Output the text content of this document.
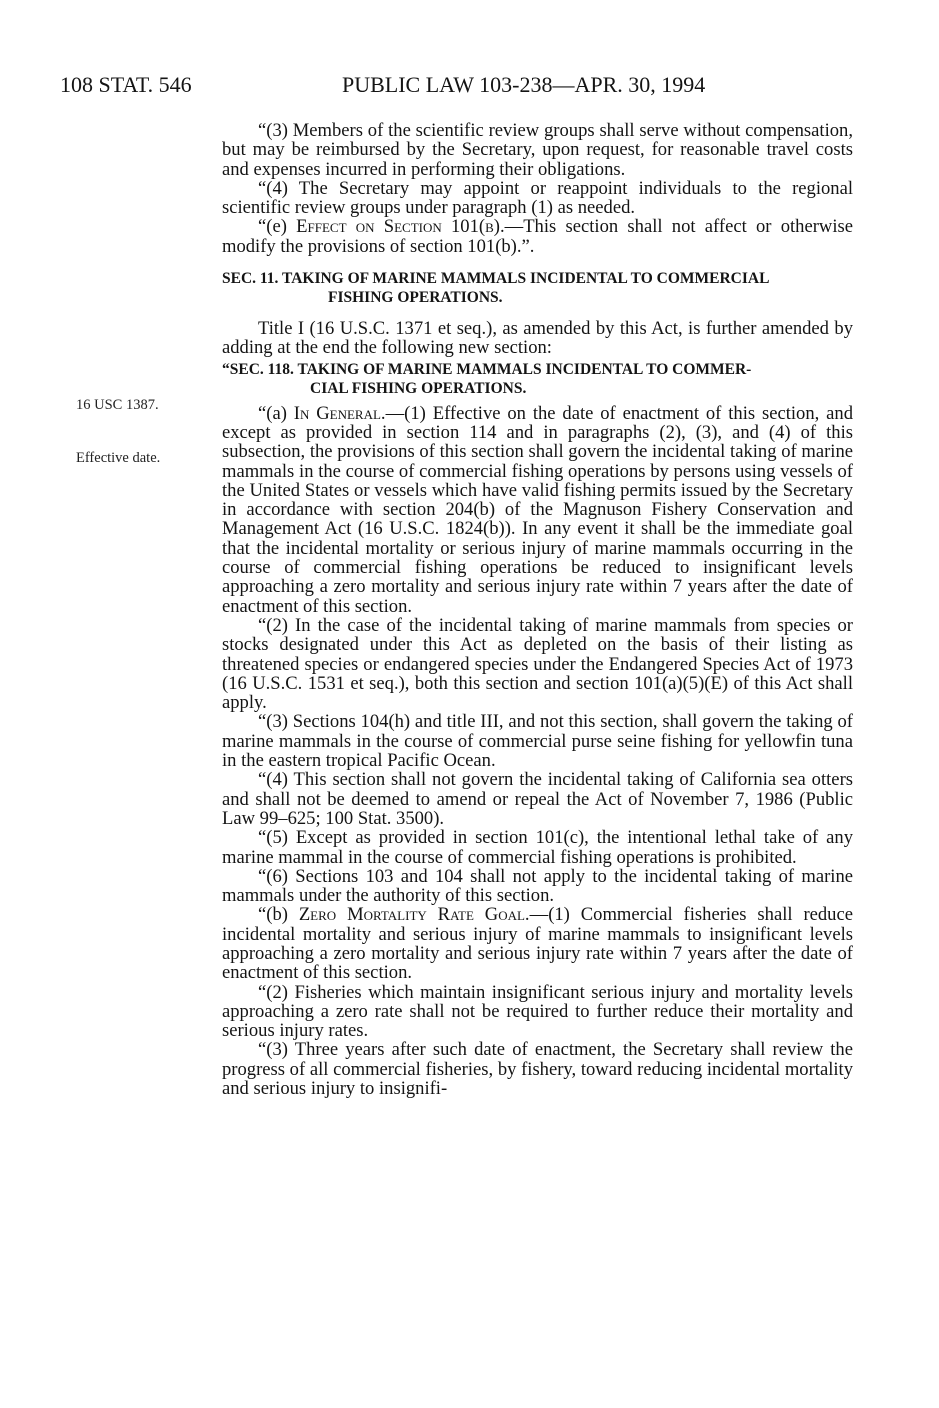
108 STAT. 546	PUBLIC LAW 103-238—APR. 30, 1994
16 USC 1387.
Effective date.

“(3) Members of the scientific review groups shall serve without compensation, but may be reimbursed by the Secretary, upon request, for reasonable travel costs and expenses incurred in performing their obligations.

“(4) The Secretary may appoint or reappoint individuals to the regional scientific review groups under paragraph (1) as needed.

“(e) Effect on Section 101(b).—This section shall not affect or otherwise modify the provisions of section 101(b).”.

SEC. 11. TAKING OF MARINE MAMMALS INCIDENTAL TO COMMERCIAL
FISHING OPERATIONS.

Title I (16 U.S.C. 1371 et seq.), as amended by this Act, is further amended by adding at the end the following new section:

“SEC. 118. TAKING OF MARINE MAMMALS INCIDENTAL TO COMMER-
CIAL FISHING OPERATIONS.

“(a) In General.—(1) Effective on the date of enactment of this section, and except as provided in section 114 and in paragraphs (2), (3), and (4) of this subsection, the provisions of this section shall govern the incidental taking of marine mammals in the course of commercial fishing operations by persons using vessels of the United States or vessels which have valid fishing permits issued by the Secretary in accordance with section 204(b) of the Magnuson Fishery Conservation and Management Act (16 U.S.C. 1824(b)). In any event it shall be the immediate goal that the incidental mortality or serious injury of marine mammals occurring in the course of commercial fishing operations be reduced to insignificant levels approaching a zero mortality and serious injury rate within 7 years after the date of enactment of this section.

“(2) In the case of the incidental taking of marine mammals from species or stocks designated under this Act as depleted on the basis of their listing as threatened species or endangered species under the Endangered Species Act of 1973 (16 U.S.C. 1531 et seq.), both this section and section 101(a)(5)(E) of this Act shall apply.

“(3) Sections 104(h) and title III, and not this section, shall govern the taking of marine mammals in the course of commercial purse seine fishing for yellowfin tuna in the eastern tropical Pacific Ocean.

“(4) This section shall not govern the incidental taking of California sea otters and shall not be deemed to amend or repeal the Act of November 7, 1986 (Public Law 99–625; 100 Stat. 3500).

“(5) Except as provided in section 101(c), the intentional lethal take of any marine mammal in the course of commercial fishing operations is prohibited.

“(6) Sections 103 and 104 shall not apply to the incidental taking of marine mammals under the authority of this section.

“(b) Zero Mortality Rate Goal.—(1) Commercial fisheries shall reduce incidental mortality and serious injury of marine mammals to insignificant levels approaching a zero mortality and serious injury rate within 7 years after the date of enactment of this section.

“(2) Fisheries which maintain insignificant serious injury and mortality levels approaching a zero rate shall not be required to further reduce their mortality and serious injury rates.

“(3) Three years after such date of enactment, the Secretary shall review the progress of all commercial fisheries, by fishery, toward reducing incidental mortality and serious injury to insignifi-
